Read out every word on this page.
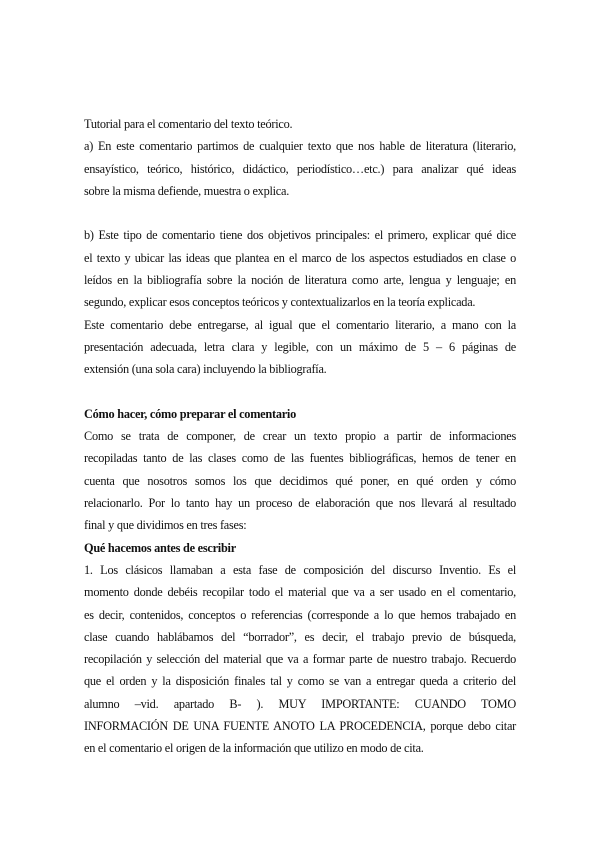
Tutorial para el comentario del texto teórico.

a) En este comentario partimos de cualquier texto que nos hable de literatura (literario,

ensayístico, teórico, histórico, didáctico, periodístico…etc.) para analizar qué ideas

sobre la misma defiende, muestra o explica.

b) Este tipo de comentario tiene dos objetivos principales: el primero, explicar qué dice

el texto y ubicar las ideas que plantea en el marco de los aspectos estudiados en clase o

leídos en la bibliografía sobre la noción de literatura como arte, lengua y lenguaje; en

segundo, explicar esos conceptos teóricos y contextualizarlos en la teoría explicada.

Este comentario debe entregarse, al igual que el comentario literario, a mano con la

presentación adecuada, letra clara y legible, con un máximo de 5 – 6 páginas de

extensión (una sola cara) incluyendo la bibliografía.

Cómo hacer, cómo preparar el comentario

Como se trata de componer, de crear un texto propio a partir de informaciones

recopiladas tanto de las clases como de las fuentes bibliográficas, hemos de tener en

cuenta que nosotros somos los que decidimos qué poner, en qué orden y cómo

relacionarlo. Por lo tanto hay un proceso de elaboración que nos llevará al resultado

final y que dividimos en tres fases:

Qué hacemos antes de escribir

1. Los clásicos llamaban a esta fase de composición del discurso Inventio. Es el

momento donde debéis recopilar todo el material que va a ser usado en el comentario,

es decir, contenidos, conceptos o referencias (corresponde a lo que hemos trabajado en

clase cuando hablábamos del “borrador”, es decir, el trabajo previo de búsqueda,

recopilación y selección del material que va a formar parte de nuestro trabajo. Recuerdo

que el orden y la disposición finales tal y como se van a entregar queda a criterio del

alumno –vid. apartado B- ). MUY IMPORTANTE: CUANDO TOMO

INFORMACIÓN DE UNA FUENTE ANOTO LA PROCEDENCIA, porque debo citar

en el comentario el origen de la información que utilizo en modo de cita.
